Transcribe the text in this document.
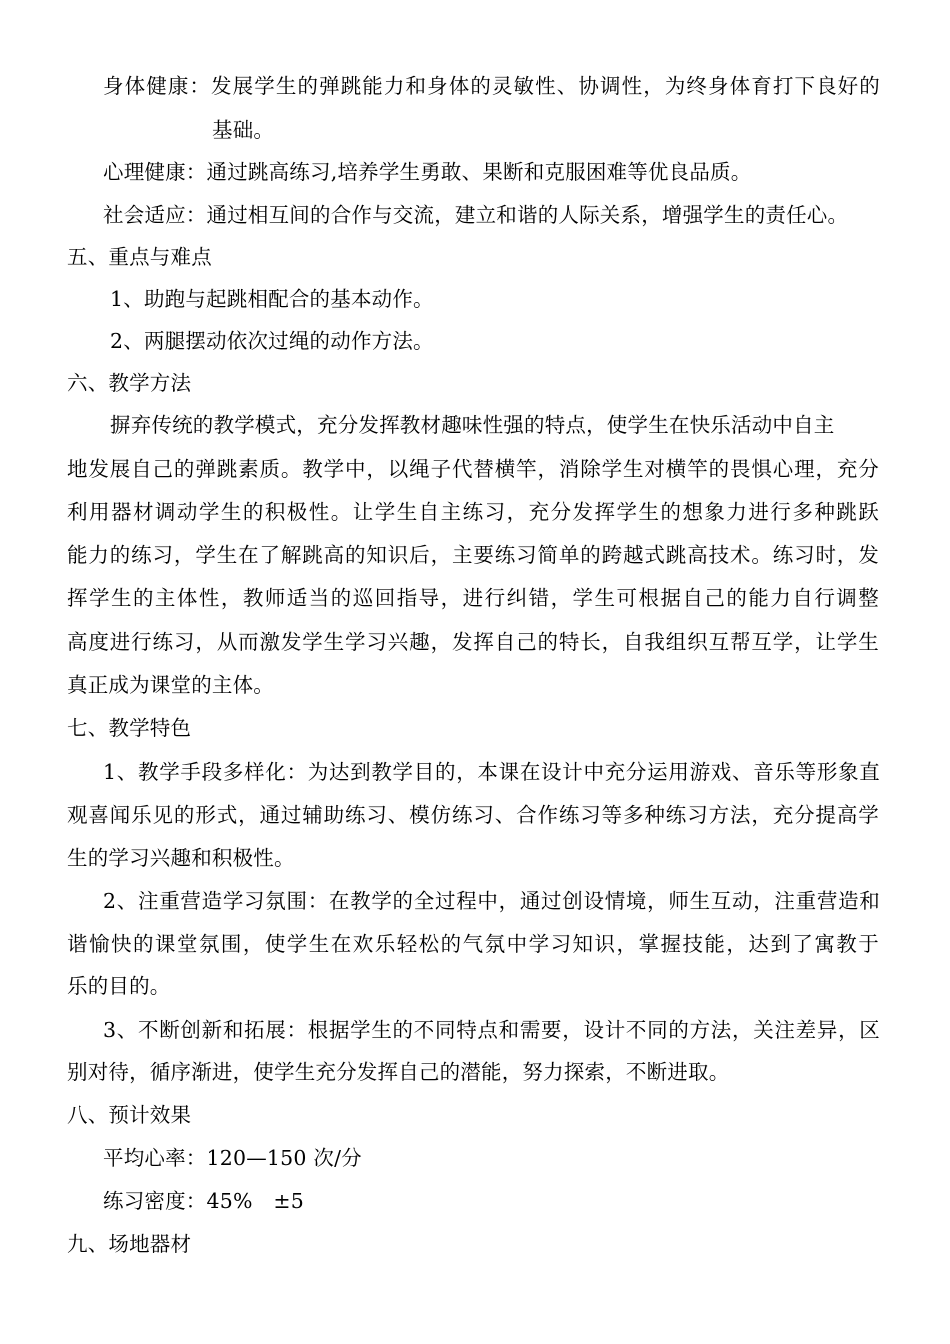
身体健康：发展学生的弹跳能力和身体的灵敏性、协调性，为终身体育打下良好的
基础。
心理健康：通过跳高练习,培养学生勇敢、果断和克服困难等优良品质。
社会适应：通过相互间的合作与交流，建立和谐的人际关系，增强学生的责任心。
五、重点与难点
1、助跑与起跳相配合的基本动作。
2、两腿摆动依次过绳的动作方法。
六、教学方法
摒弃传统的教学模式，充分发挥教材趣味性强的特点，使学生在快乐活动中自主
地发展自己的弹跳素质。教学中，以绳子代替横竿，消除学生对横竿的畏惧心理，充分
利用器材调动学生的积极性。让学生自主练习，充分发挥学生的想象力进行多种跳跃
能力的练习，学生在了解跳高的知识后，主要练习简单的跨越式跳高技术。练习时，发
挥学生的主体性，教师适当的巡回指导，进行纠错，学生可根据自己的能力自行调整
高度进行练习，从而激发学生学习兴趣，发挥自己的特长，自我组织互帮互学，让学生
真正成为课堂的主体。
七、教学特色
1、教学手段多样化：为达到教学目的，本课在设计中充分运用游戏、音乐等形象直
观喜闻乐见的形式，通过辅助练习、模仿练习、合作练习等多种练习方法，充分提高学
生的学习兴趣和积极性。
2、注重营造学习氛围：在教学的全过程中，通过创设情境，师生互动，注重营造和
谐愉快的课堂氛围，使学生在欢乐轻松的气氛中学习知识，掌握技能，达到了寓教于
乐的目的。
3、不断创新和拓展：根据学生的不同特点和需要，设计不同的方法，关注差异，区
别对待，循序渐进，使学生充分发挥自己的潜能，努力探索，不断进取。
八、预计效果
平均心率：120—150 次/分
练习密度：45%　±5
九、场地器材
